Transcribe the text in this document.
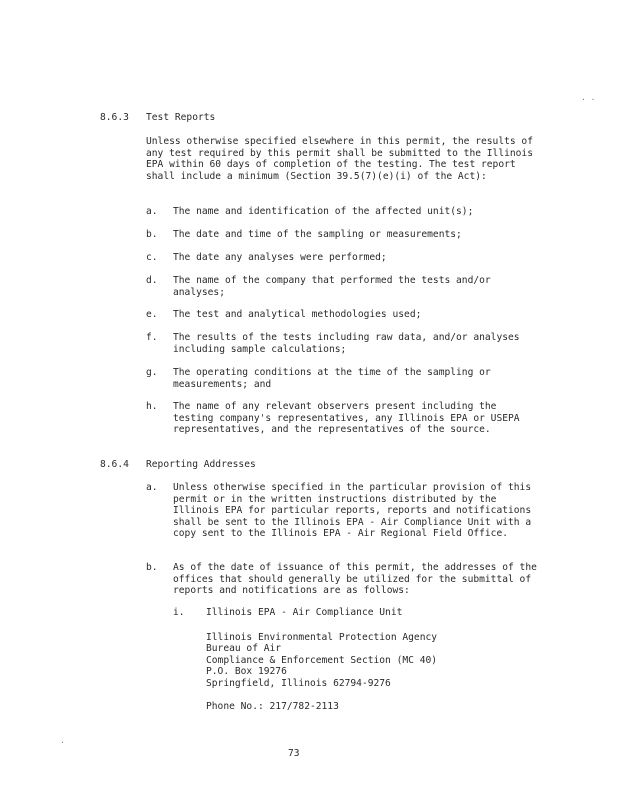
. .
.
8.6.3 Test Reports
Unless otherwise specified elsewhere in this permit, the results of any test required by this permit shall be submitted to the Illinois EPA within 60 days of completion of the testing. The test report shall include a minimum (Section 39.5(7)(e)(i) of the Act):
a. The name and identification of the affected unit(s);
b. The date and time of the sampling or measurements;
c. The date any analyses were performed;
d. The name of the company that performed the tests and/or analyses;
e. The test and analytical methodologies used;
f. The results of the tests including raw data, and/or analyses including sample calculations;
g. The operating conditions at the time of the sampling or measurements; and
h. The name of any relevant observers present including the testing company's representatives, any Illinois EPA or USEPA representatives, and the representatives of the source.
8.6.4 Reporting Addresses
a. Unless otherwise specified in the particular provision of this permit or in the written instructions distributed by the Illinois EPA for particular reports, reports and notifications shall be sent to the Illinois EPA - Air Compliance Unit with a copy sent to the Illinois EPA - Air Regional Field Office.
b. As of the date of issuance of this permit, the addresses of the offices that should generally be utilized for the submittal of reports and notifications are as follows:
i. Illinois EPA - Air Compliance Unit
Illinois Environmental Protection Agency
Bureau of Air
Compliance & Enforcement Section (MC 40)
P.O. Box 19276
Springfield, Illinois 62794-9276
Phone No.: 217/782-2113
73
